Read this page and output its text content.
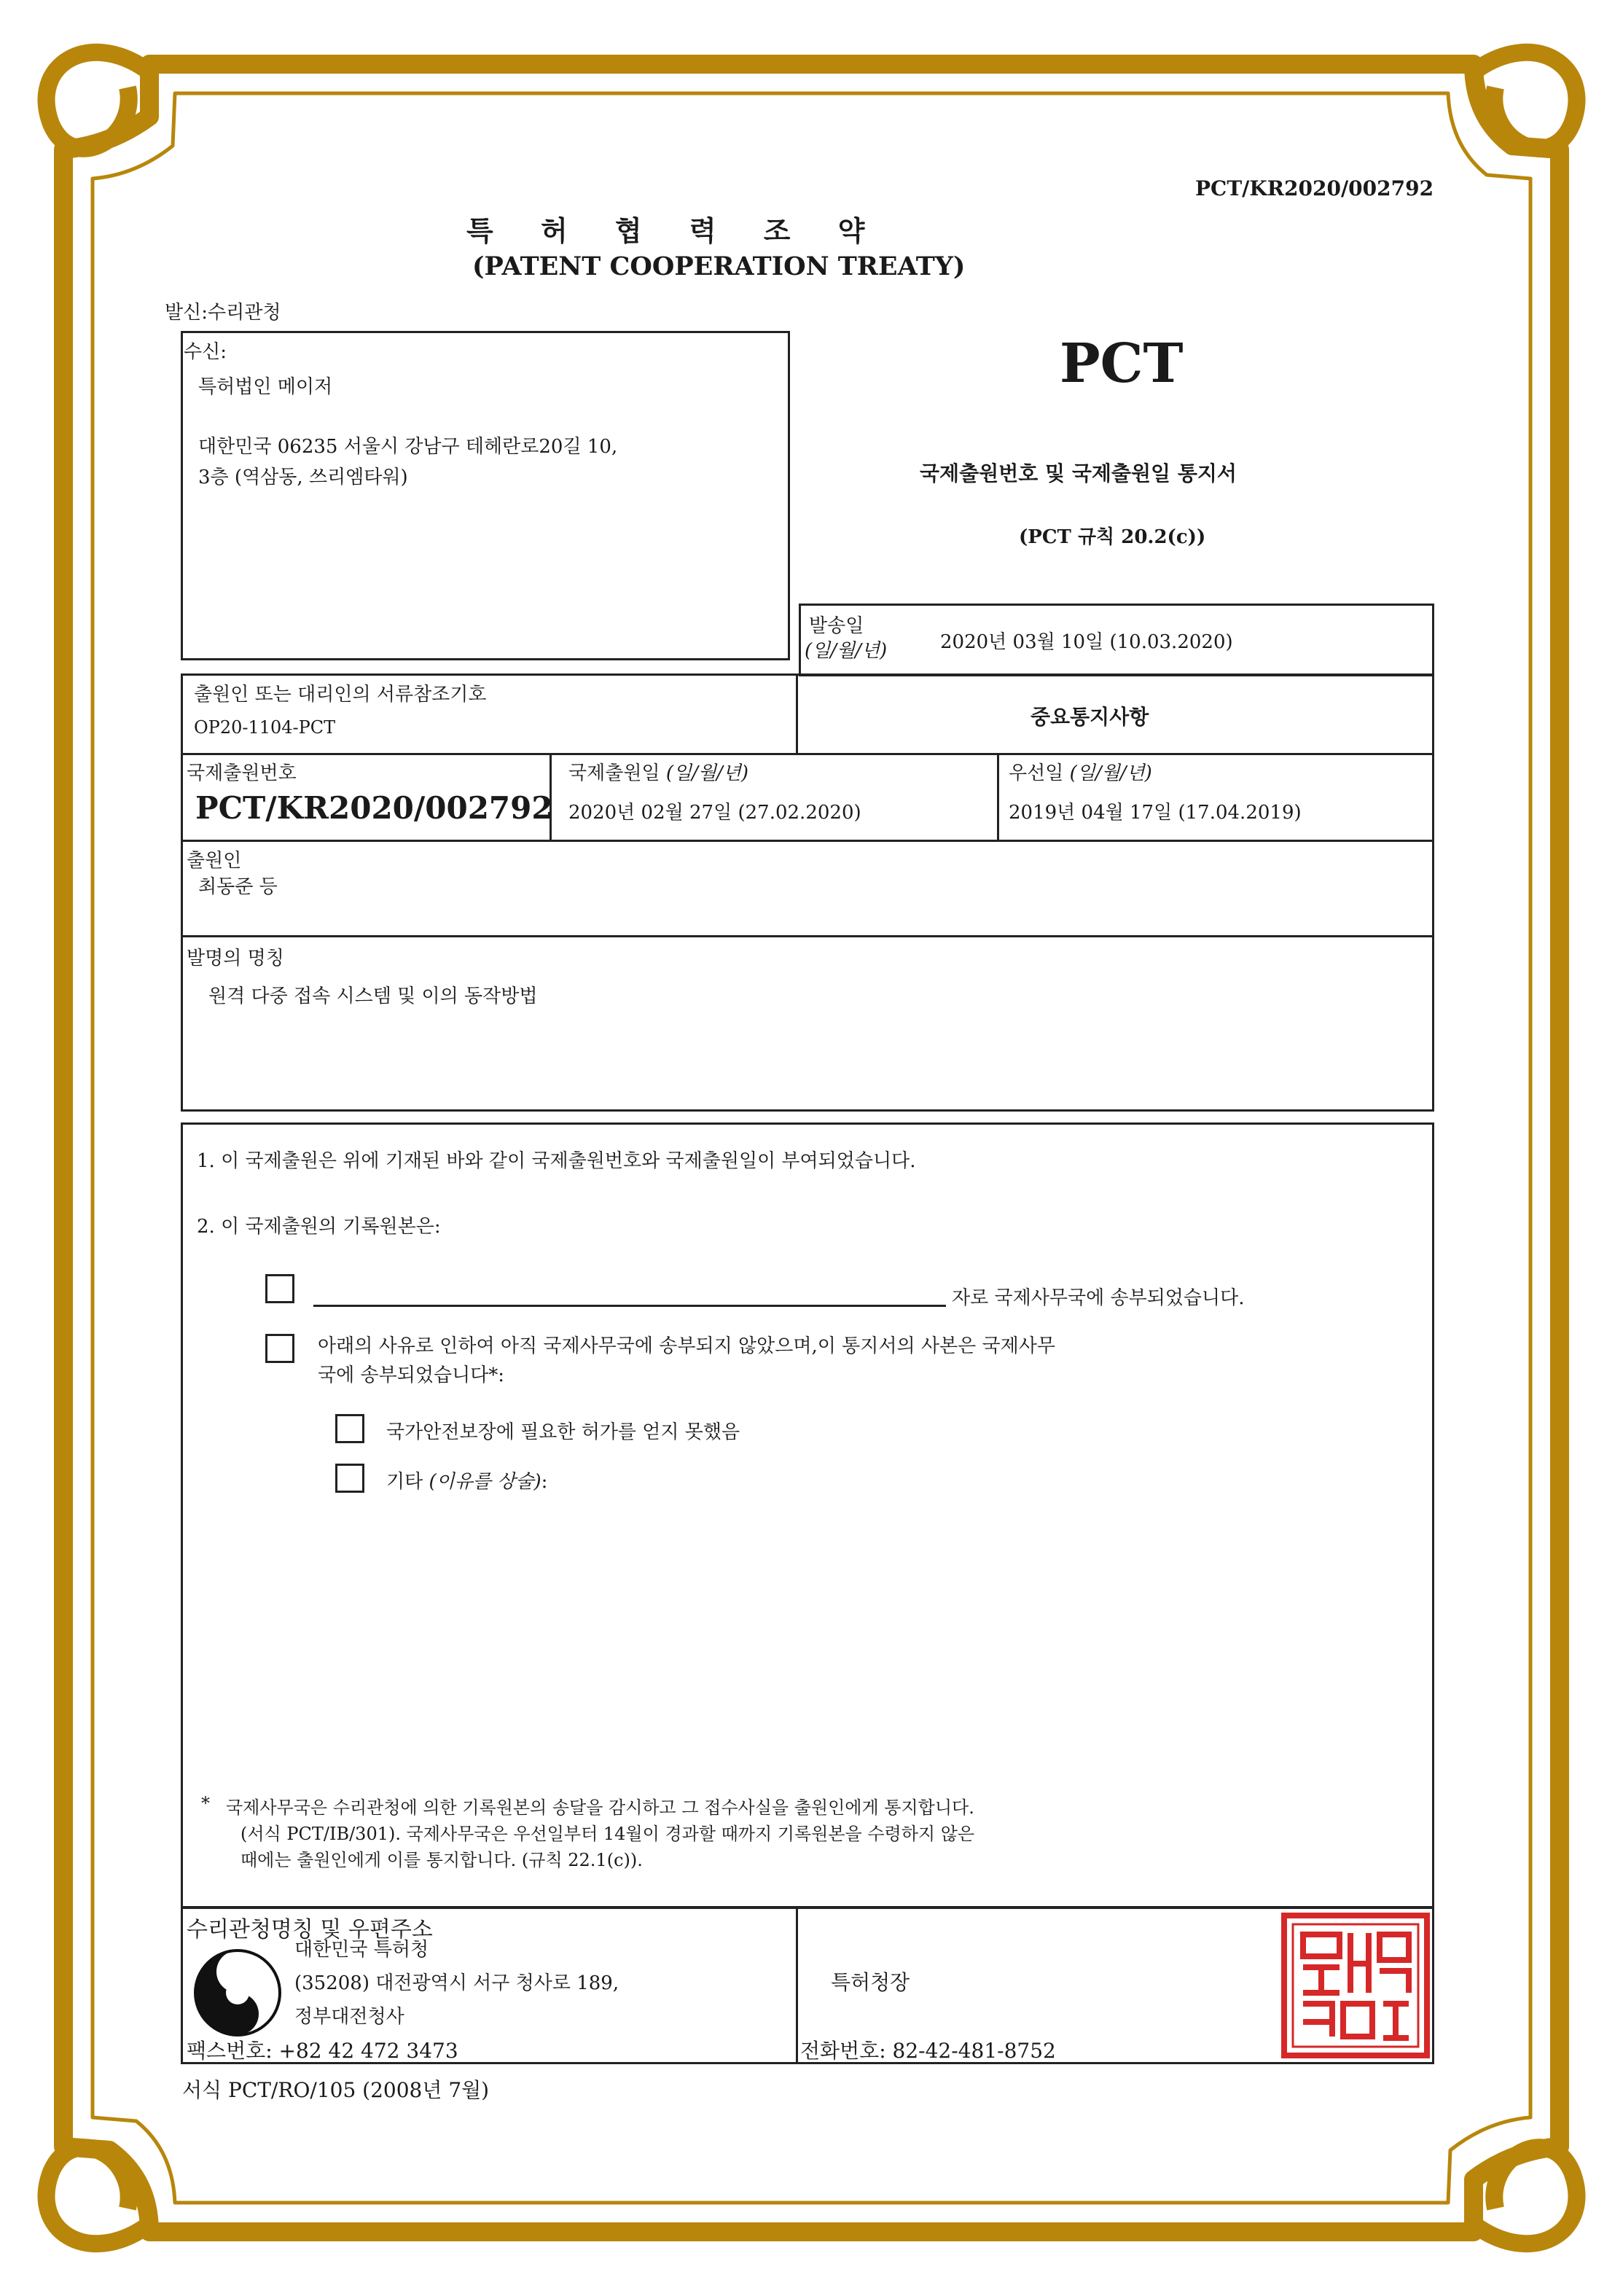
PCT/KR2020/002792
특 허 협 력 조 약
(PATENT COOPERATION TREATY)
발신:수리관청
수신:
특허법인 메이저
대한민국 06235 서울시 강남구 테헤란로20길 10,
3층 (역삼동, 쓰리엠타워)
PCT
국제출원번호 및 국제출원일 통지서
(PCT 규칙 20.2(c))
발송일
(일/월/년)	2020년 03월 10일 (10.03.2020)
출원인 또는 대리인의 서류참조기호
OP20-1104-PCT	중요통지사항
국제출원번호
PCT/KR2020/002792
국제출원일 (일/월/년)
2020년 02월 27일 (27.02.2020)
우선일 (일/월/년)
2019년 04월 17일 (17.04.2019)
출원인
최동준 등
발명의 명칭
원격 다중 접속 시스템 및 이의 동작방법
1. 이 국제출원은 위에 기재된 바와 같이 국제출원번호와 국제출원일이 부여되었습니다.
2. 이 국제출원의 기록원본은:
자로 국제사무국에 송부되었습니다.
아래의 사유로 인하여 아직 국제사무국에 송부되지 않았으며,이 통지서의 사본은 국제사무
국에 송부되었습니다*:
국가안전보장에 필요한 허가를 얻지 못했음
기타 (이유를 상술):
* 국제사무국은 수리관청에 의한 기록원본의 송달을 감시하고 그 접수사실을 출원인에게 통지합니다.
(서식 PCT/IB/301). 국제사무국은 우선일부터 14월이 경과할 때까지 기록원본을 수령하지 않은
때에는 출원인에게 이를 통지합니다. (규칙 22.1(c)).
수리관청명칭 및 우편주소
대한민국 특허청
(35208) 대전광역시 서구 청사로 189,
정부대전청사
팩스번호: +82 42 472 3473
특허청장
전화번호: 82-42-481-8752
서식 PCT/RO/105 (2008년 7월)
